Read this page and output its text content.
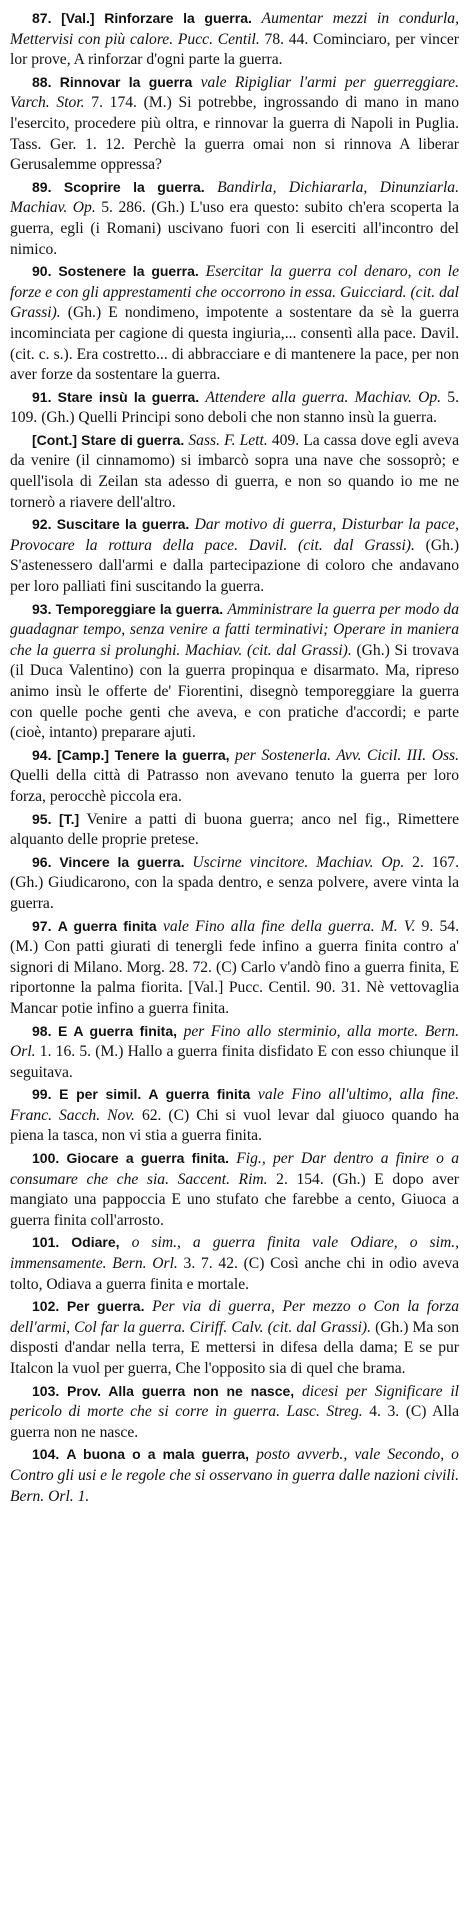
87. [Val.] Rinforzare la guerra. Aumentar mezzi in condurla, Mettervisi con più calore. Pucc. Centil. 78. 44. Cominciaro, per vincer lor prove, A rinforzar d'ogni parte la guerra.

88. Rinnovar la guerra vale Ripigliar l'armi per guerreggiare. Varch. Stor. 7. 174. (M.) Si potrebbe, ingrossando di mano in mano l'esercito, procedere più oltra, e rinnovar la guerra di Napoli in Puglia. Tass. Ger. 1. 12. Perchè la guerra omai non si rinnova A liberar Gerusalemme oppressa?

89. Scoprire la guerra. Bandirla, Dichiararla, Dinunziarla. Machiav. Op. 5. 286. (Gh.) L'uso era questo: subito ch'era scoperta la guerra, egli (i Romani) uscivano fuori con li eserciti all'incontro del nimico.

90. Sostenere la guerra. Esercitar la guerra col denaro, con le forze e con gli apprestamenti che occorrono in essa. Guicciard. (cit. dal Grassi). (Gh.) E nondimeno, impotente a sostentare da sè la guerra incominciata per cagione di questa ingiuria,... consentì alla pace. Davil. (cit. c. s.). Era costretto... di abbracciare e di mantenere la pace, per non aver forze da sostentare la guerra.

91. Stare insù la guerra. Attendere alla guerra. Machiav. Op. 5. 109. (Gh.) Quelli Principi sono deboli che non stanno insù la guerra.

[Cont.] Stare di guerra. Sass. F. Lett. 409. La cassa dove egli aveva da venire (il cinnamomo) si imbarcò sopra una nave che sossoprò; e quell'isola di Zeilan sta adesso di guerra, e non so quando io me ne tornerò a riavere dell'altro.

92. Suscitare la guerra. Dar motivo di guerra, Disturbar la pace, Provocare la rottura della pace. Davil. (cit. dal Grassi). (Gh.) S'astenessero dall'armi e dalla partecipazione di coloro che andavano per loro palliati fini suscitando la guerra.

93. Temporeggiare la guerra. Amministrare la guerra per modo da guadagnar tempo, senza venire a fatti terminativi; Operare in maniera che la guerra si prolunghi. Machiav. (cit. dal Grassi). (Gh.) Si trovava (il Duca Valentino) con la guerra propinqua e disarmato. Ma, ripreso animo insù le offerte de' Fiorentini, disegnò temporeggiare la guerra con quelle poche genti che aveva, e con pratiche d'accordi; e parte (cioè, intanto) preparare ajuti.

94. [Camp.] Tenere la guerra, per Sostenerla. Avv. Cicil. III. Oss. Quelli della città di Patrasso non avevano tenuto la guerra per loro forza, perocchè piccola era.

95. [T.] Venire a patti di buona guerra; anco nel fig., Rimettere alquanto delle proprie pretese.

96. Vincere la guerra. Uscirne vincitore. Machiav. Op. 2. 167. (Gh.) Giudicarono, con la spada dentro, e senza polvere, avere vinta la guerra.

97. A guerra finita vale Fino alla fine della guerra. M. V. 9. 54. (M.) Con patti giurati di tenergli fede infino a guerra finita contro a' signori di Milano. Morg. 28. 72. (C) Carlo v'andò fino a guerra finita, E riportonne la palma fiorita. [Val.] Pucc. Centil. 90. 31. Nè vettovaglia Mancar potie infino a guerra finita.

98. E A guerra finita, per Fino allo sterminio, alla morte. Bern. Orl. 1. 16. 5. (M.) Hallo a guerra finita disfidato E con esso chiunque il seguitava.

99. E per simil. A guerra finita vale Fino all'ultimo, alla fine. Franc. Sacch. Nov. 62. (C) Chi si vuol levar dal giuoco quando ha piena la tasca, non vi stia a guerra finita.

100. Giocare a guerra finita. Fig., per Dar dentro a finire o a consumare che che sia. Saccent. Rim. 2. 154. (Gh.) E dopo aver mangiato una pappoccia E uno stufato che farebbe a cento, Giuoca a guerra finita coll'arrosto.

101. Odiare, o sim., a guerra finita vale Odiare, o sim., immensamente. Bern. Orl. 3. 7. 42. (C) Così anche chi in odio aveva tolto, Odiava a guerra finita e mortale.

102. Per guerra. Per via di guerra, Per mezzo o Con la forza dell'armi, Col far la guerra. Ciriff. Calv. (cit. dal Grassi). (Gh.) Ma son disposti d'andar nella terra, E mettersi in difesa della dama; E se pur Italcon la vuol per guerra, Che l'opposito sia di quel che brama.

103. Prov. Alla guerra non ne nasce, dicesi per Significare il pericolo di morte che si corre in guerra. Lasc. Streg. 4. 3. (C) Alla guerra non ne nasce.

104. A buona o a mala guerra, posto avverb., vale Secondo, o Contro gli usi e le regole che si osservano in guerra dalle nazioni civili. Bern. Orl. 1.
